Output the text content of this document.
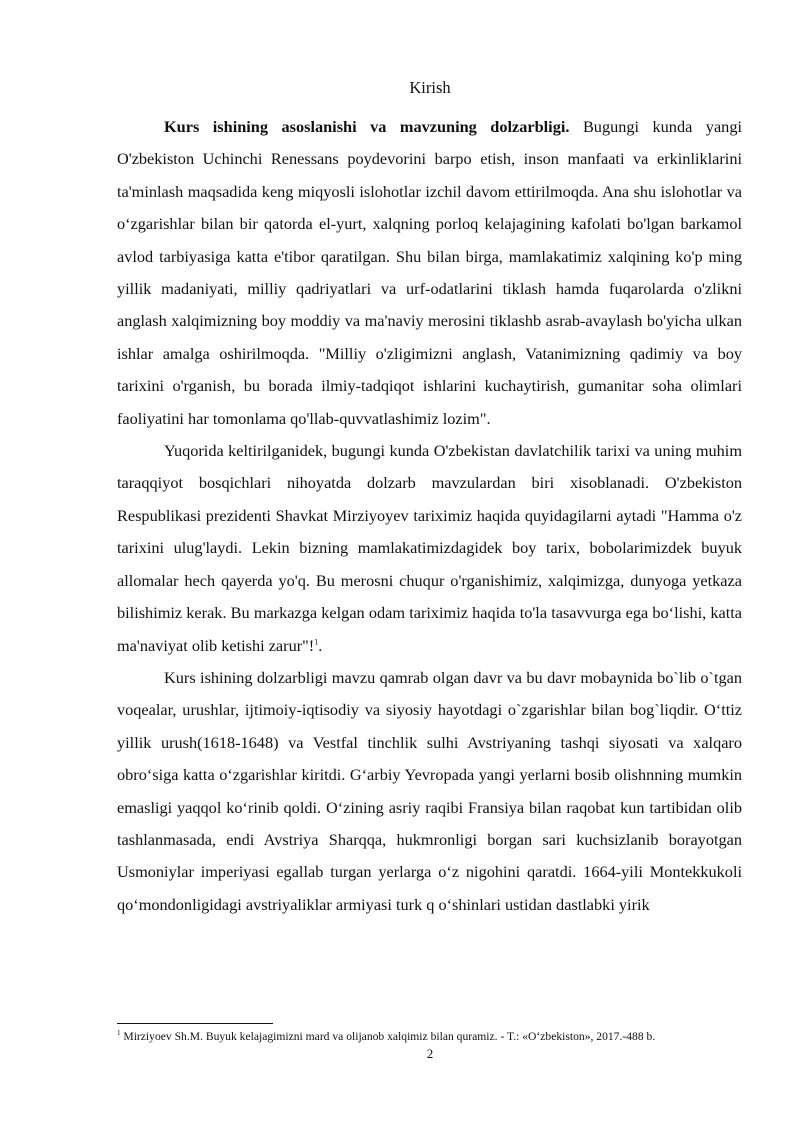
Kirish

Kurs ishining asoslanishi va mavzuning dolzarbligi. Bugungi kunda yangi O'zbekiston Uchinchi Renessans poydevorini barpo etish, inson manfaati va erkinliklarini ta'minlash maqsadida keng miqyosli islohotlar izchil davom ettirilmoqda. Ana shu islohotlar va oʻzgarishlar bilan bir qatorda el-yurt, xalqning porloq kelajagining kafolati bo'lgan barkamol avlod tarbiyasiga katta e'tibor qaratilgan. Shu bilan birga, mamlakatimiz xalqining ko'p ming yillik madaniyati, milliy qadriyatlari va urf-odatlarini tiklash hamda fuqarolarda o'zlikni anglash xalqimizning boy moddiy va ma'naviy merosini tiklashb asrab-avaylash bo'yicha ulkan ishlar amalga oshirilmoqda. "Milliy o'zligimizni anglash, Vatanimizning qadimiy va boy tarixini o'rganish, bu borada ilmiy-tadqiqot ishlarini kuchaytirish, gumanitar soha olimlari faoliyatini har tomonlama qo'llab-quvvatlashimiz lozim".

Yuqorida keltirilganidek, bugungi kunda O'zbekistan davlatchilik tarixi va uning muhim taraqqiyot bosqichlari nihoyatda dolzarb mavzulardan biri xisoblanadi. O'zbekiston Respublikasi prezidenti Shavkat Mirziyoyev tariximiz haqida quyidagilarni aytadi "Hamma o'z tarixini ulug'laydi. Lekin bizning mamlakatimizdagidek boy tarix, bobolarimizdek buyuk allomalar hech qayerda yo'q. Bu merosni chuqur o'rganishimiz, xalqimizga, dunyoga yetkaza bilishimiz kerak. Bu markazga kelgan odam tariximiz haqida to'la tasavvurga ega boʻlishi, katta ma'naviyat olib ketishi zarur"!$^1$.

Kurs ishining dolzarbligi mavzu qamrab olgan davr va bu davr mobaynida bo`lib o`tgan voqealar, urushlar, ijtimoiy-iqtisodiy va siyosiy hayotdagi o`zgarishlar bilan bog`liqdir. Oʻttiz yillik urush(1618-1648) va Vestfal tinchlik sulhi Avstriyaning tashqi siyosati va xalqaro obroʻsiga katta oʻzgarishlar kiritdi. Gʻarbiy Yevropada yangi yerlarni bosib olishnning mumkin emasligi yaqqol koʻrinib qoldi. Oʻzining asriy raqibi Fransiya bilan raqobat kun tartibidan olib tashlanmasada, endi Avstriya Sharqqa, hukmronligi borgan sari kuchsizlanib borayotgan Usmoniylar imperiyasi egallab turgan yerlarga oʻz nigohini qaratdi. 1664-yili Montekkukoli qoʻmondonligidagi avstriyaliklar armiyasi turk q oʻshinlari ustidan dastlabki yirik

$^1$ Mirziyoev Sh.M. Buyuk kelajagimizni mard va olijanob xalqimiz bilan quramiz. - T.: «Oʻzbekiston», 2017.-488 b.
2
